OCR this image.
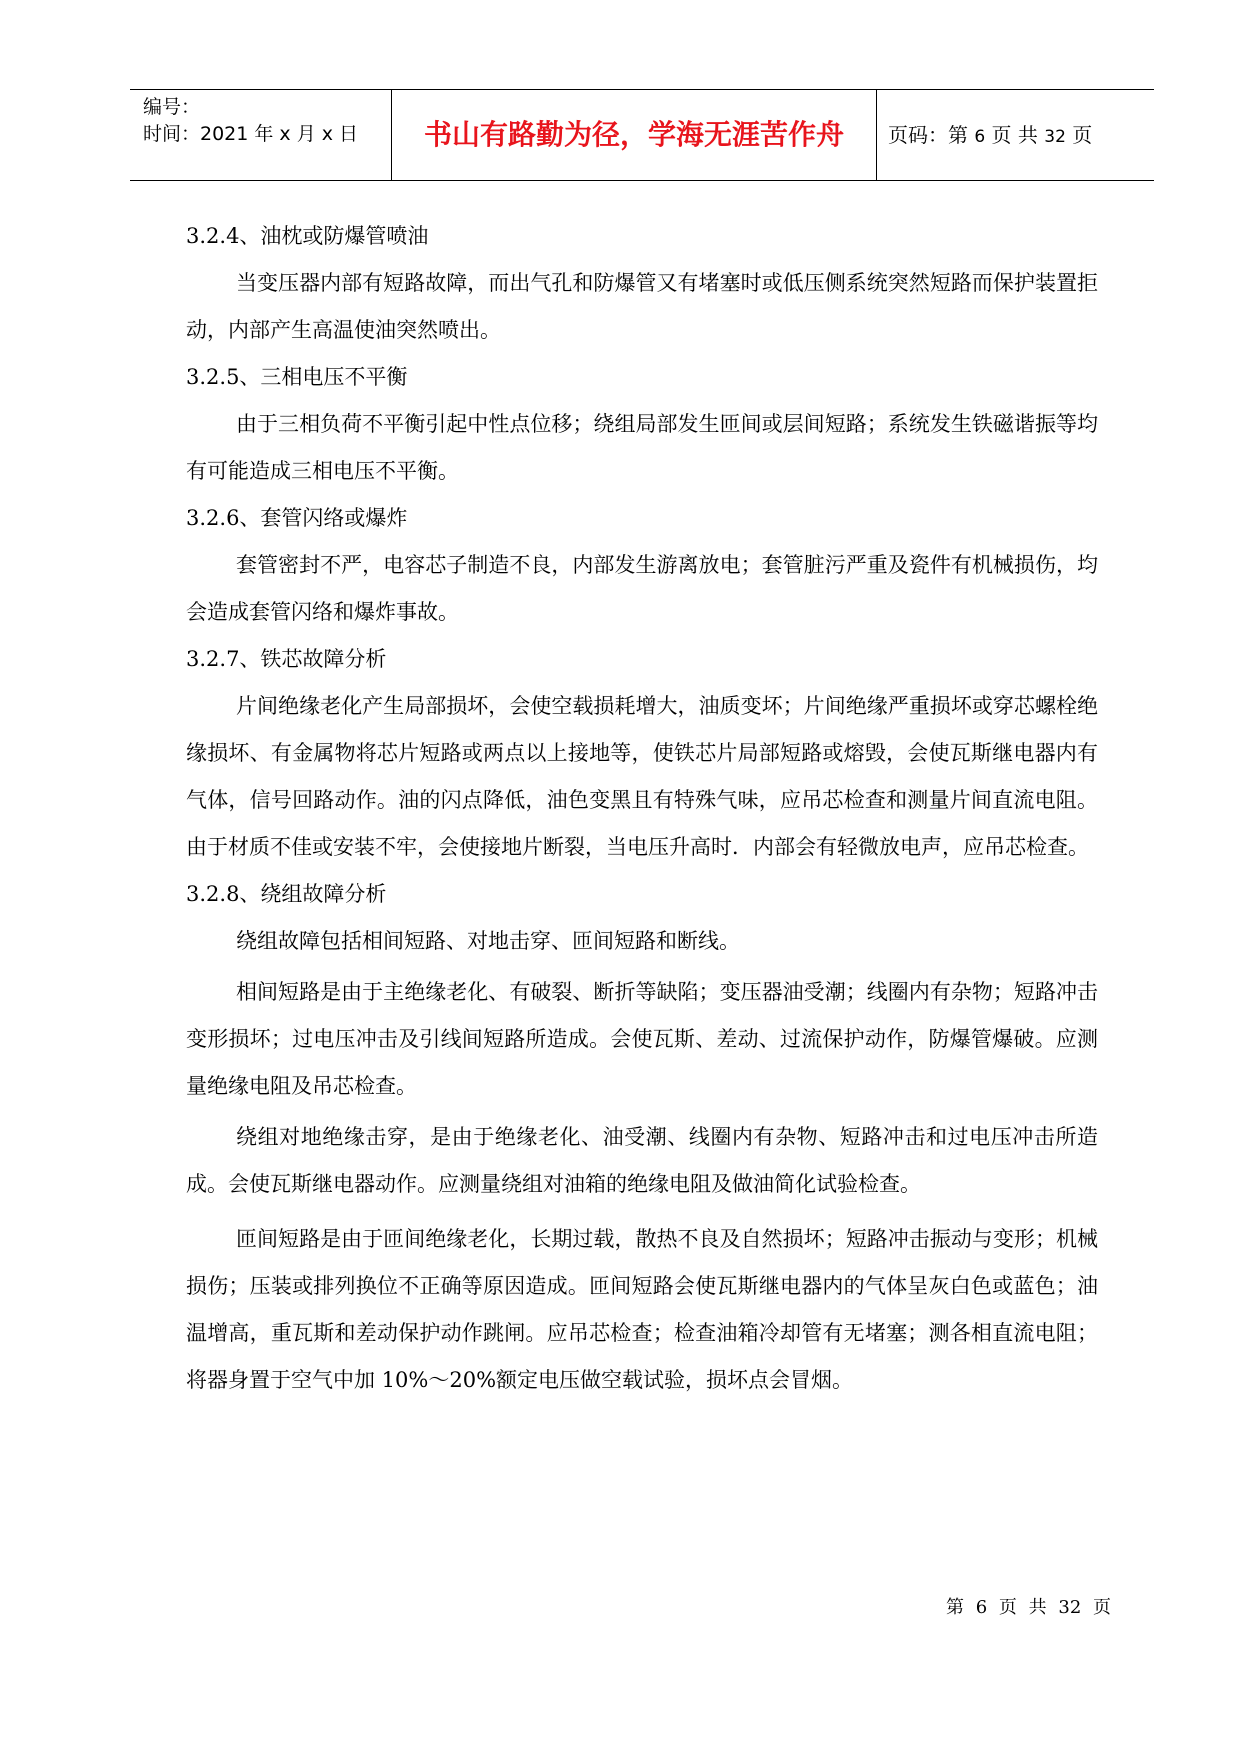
编号：
时间：2021 年 x 月 x 日	书山有路勤为径，学海无涯苦作舟	页码：第 6 页 共 32 页
3.2.4、油枕或防爆管喷油

当变压器内部有短路故障，而出气孔和防爆管又有堵塞时或低压侧系统突然短路而保护装置拒动，内部产生高温使油突然喷出。

3.2.5、三相电压不平衡

由于三相负荷不平衡引起中性点位移；绕组局部发生匝间或层间短路；系统发生铁磁谐振等均有可能造成三相电压不平衡。

3.2.6、套管闪络或爆炸

套管密封不严，电容芯子制造不良，内部发生游离放电；套管脏污严重及瓷件有机械损伤，均会造成套管闪络和爆炸事故。

3.2.7、铁芯故障分析

片间绝缘老化产生局部损坏，会使空载损耗增大，油质变坏；片间绝缘严重损坏或穿芯螺栓绝缘损坏、有金属物将芯片短路或两点以上接地等，使铁芯片局部短路或熔毁，会使瓦斯继电器内有气体，信号回路动作。油的闪点降低，油色变黑且有特殊气味，应吊芯检查和测量片间直流电阻。由于材质不佳或安装不牢，会使接地片断裂，当电压升高时．内部会有轻微放电声，应吊芯检查。

3.2.8、绕组故障分析

绕组故障包括相间短路、对地击穿、匝间短路和断线。

相间短路是由于主绝缘老化、有破裂、断折等缺陷；变压器油受潮；线圈内有杂物；短路冲击变形损坏；过电压冲击及引线间短路所造成。会使瓦斯、差动、过流保护动作，防爆管爆破。应测量绝缘电阻及吊芯检查。

绕组对地绝缘击穿，是由于绝缘老化、油受潮、线圈内有杂物、短路冲击和过电压冲击所造成。会使瓦斯继电器动作。应测量绕组对油箱的绝缘电阻及做油简化试验检查。

匝间短路是由于匝间绝缘老化，长期过载，散热不良及自然损坏；短路冲击振动与变形；机械损伤；压装或排列换位不正确等原因造成。匝间短路会使瓦斯继电器内的气体呈灰白色或蓝色；油温增高，重瓦斯和差动保护动作跳闸。应吊芯检查；检查油箱冷却管有无堵塞；测各相直流电阻；将器身置于空气中加 10%～20%额定电压做空载试验，损坏点会冒烟。

第 6 页 共 32 页
